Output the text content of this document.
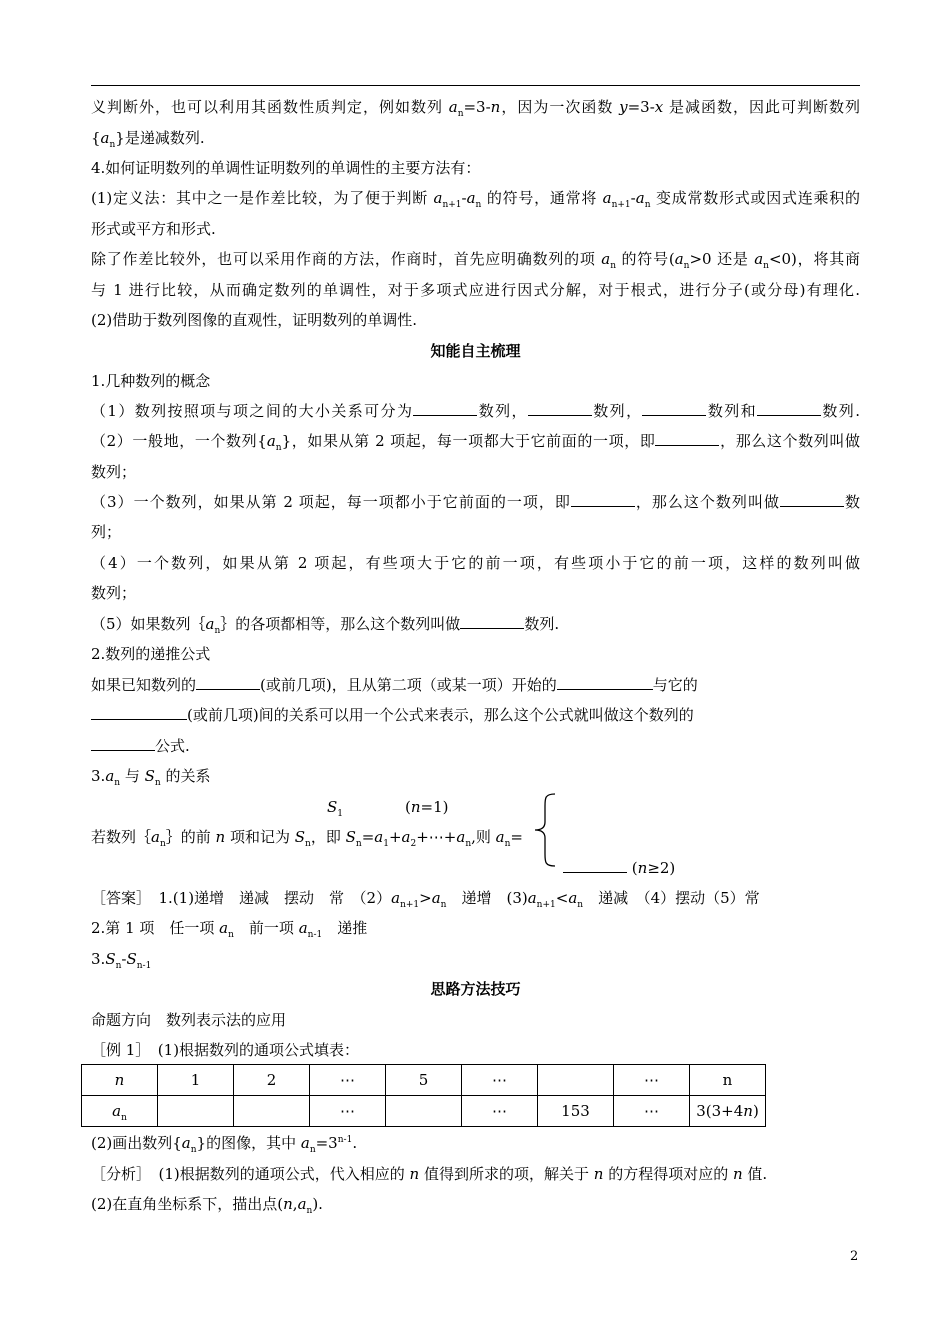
义判断外，也可以利用其函数性质判定，例如数列 $a_n=3-n$，因为一次函数 y=3-x 是减函数，因此可判断数列
$\{a_n\}$是递减数列.
4.如何证明数列的单调性证明数列的单调性的主要方法有：
(1)定义法：其中之一是作差比较，为了便于判断 $a_{n+1}-a_n$ 的符号，通常将 $a_{n+1}-a_n$ 变成常数形式或因式连乘积的
形式或平方和形式.
除了作差比较外，也可以采用作商的方法，作商时，首先应明确数列的项 $a_n$ 的符号($a_n>0$ 还是 $a_n<0$)，将其商
与 1 进行比较，从而确定数列的单调性，对于多项式应进行因式分解，对于根式，进行分子(或分母)有理化.
(2)借助于数列图像的直观性，证明数列的单调性.
知能自主梳理
1.几种数列的概念
（1）数列按照项与项之间的大小关系可分为	数列，	数列，	数列和	数列.
（2）一般地，一个数列$\{a_n\}$，如果从第 2 项起，每一项都大于它前面的一项，即	，那么这个数列叫做
数列；
（3）一个数列，如果从第 2 项起，每一项都小于它前面的一项，即	，那么这个数列叫做	数
列；
（4）一个数列，如果从第 2 项起，有些项大于它的前一项，有些项小于它的前一项，这样的数列叫做
数列；
（5）如果数列$\{a_n\}$的各项都相等，那么这个数列叫做	数列.
2.数列的递推公式
如果已知数列的	(或前几项)，且从第二项（或某一项）开始的	与它的
(或前几项)间的关系可以用一个公式来表示，那么这个公式就叫做这个数列的
公式.
$3.a_n$ 与 $S_n$ 的关系
$S_1$	(n=1)
若数列$\{a_n\}$的前 n 项和记为 $S_n$，即 $S_n=a_1+a_2+\cdots+a_n$,则 $a_n=$
(n≥2)
［答案］　1.(1)递增　递减　摆动　常　$(2)a_{n+1}>a_n$　递增　$(3)a_{n+1}<a_n$　递减　（4）摆动（5）常
2.第 1 项　任一项 $a_n$　前一项 $a_{n-1}$　递推
$3.S_n-S_{n-1}$
思路方法技巧
命题方向　数列表示法的应用
［例 1］　(1)根据数列的通项公式填表：
n	1	2	⋯	5	⋯		⋯	n
$a_n$			⋯		⋯	153	⋯	3(3+4n)
(2)画出数列$\{a_n\}$的图像，其中 $a_n=3^{n-1}$.
［分析］　(1)根据数列的通项公式，代入相应的 n 值得到所求的项，解关于 n 的方程得项对应的 n 值.
(2)在直角坐标系下，描出点$(n,a_n)$.
2
